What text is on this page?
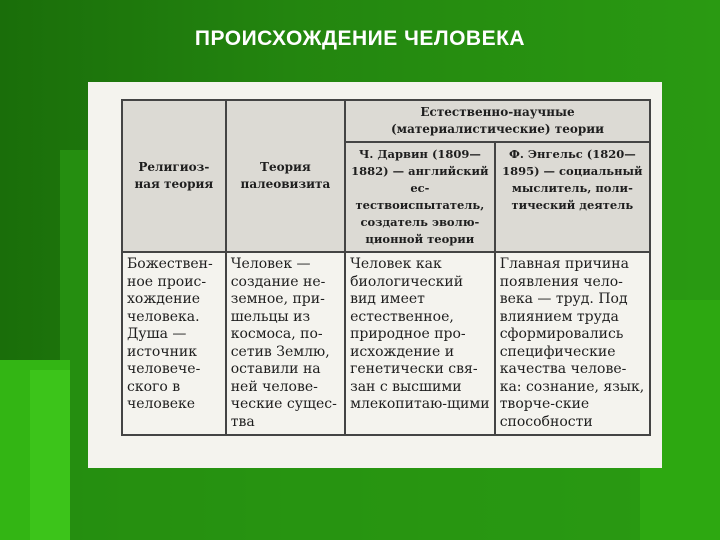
ПРОИСХОЖДЕНИЕ ЧЕЛОВЕКА
Религиоз-ная теория	Теория палеовизита	Естественно-научные (материалистические) теории	
		Ч. Дарвин (1809—1882) — английский ес-тествоиспытатель, создатель эволю-ционной теории	Ф. Энгельс (1820—1895) — социальный мыслитель, поли-тический деятель
Божествен-ное проис-хождение человека. Душа — источник человече-ского в человеке	Человек — создание не-земное, при-шельцы из космоса, по-сетив Землю, оставили на ней челове-ческие сущес-тва	Человек как биологический вид имеет естественное, природное про-исхождение и генетически свя-зан с высшими млекопитаю-щими	Главная причина появления чело-века — труд. Под влиянием труда сформировались специфические качества челове-ка: сознание, язык, творче-ские способности
